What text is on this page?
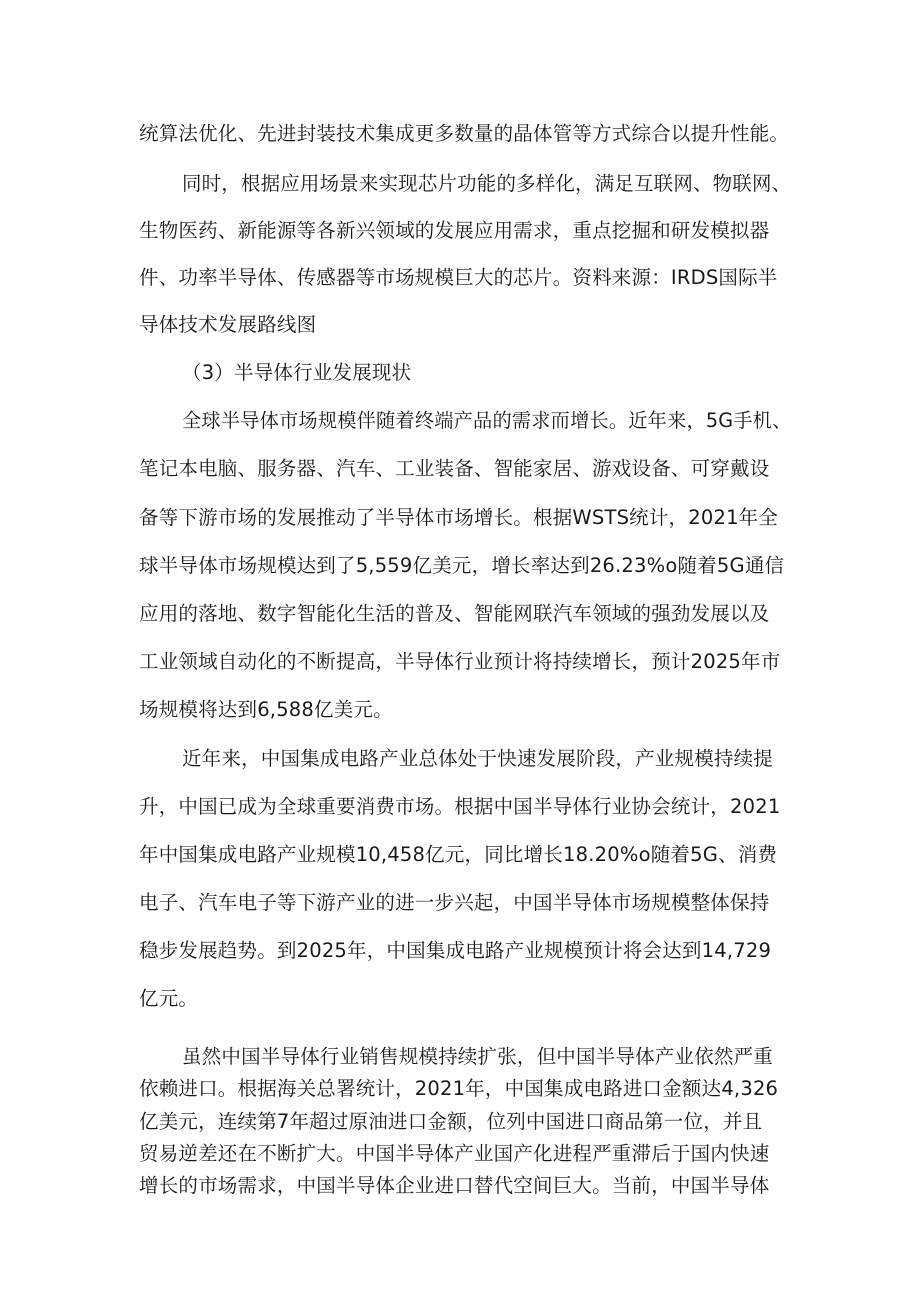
统算法优化、先进封装技术集成更多数量的晶体管等方式综合以提升性能。

同时，根据应用场景来实现芯片功能的多样化，满足互联网、物联网、

生物医药、新能源等各新兴领域的发展应用需求，重点挖掘和研发模拟器

件、功率半导体、传感器等市场规模巨大的芯片。资料来源：IRDS国际半

导体技术发展路线图

（3）半导体行业发展现状

全球半导体市场规模伴随着终端产品的需求而增长。近年来，5G手机、

笔记本电脑、服务器、汽车、工业装备、智能家居、游戏设备、可穿戴设

备等下游市场的发展推动了半导体市场增长。根据WSTS统计，2021年全

球半导体市场规模达到了5,559亿美元，增长率达到26.23%o随着5G通信

应用的落地、数字智能化生活的普及、智能网联汽车领域的强劲发展以及

工业领域自动化的不断提高，半导体行业预计将持续增长，预计2025年市

场规模将达到6,588亿美元。

近年来，中国集成电路产业总体处于快速发展阶段，产业规模持续提

升，中国已成为全球重要消费市场。根据中国半导体行业协会统计，2021

年中国集成电路产业规模10,458亿元，同比增长18.20%o随着5G、消费

电子、汽车电子等下游产业的进一步兴起，中国半导体市场规模整体保持

稳步发展趋势。到2025年，中国集成电路产业规模预计将会达到14,729

亿元。

虽然中国半导体行业销售规模持续扩张，但中国半导体产业依然严重

依赖进口。根据海关总署统计，2021年，中国集成电路进口金额达4,326

亿美元，连续第7年超过原油进口金额，位列中国进口商品第一位，并且

贸易逆差还在不断扩大。中国半导体产业国产化进程严重滞后于国内快速

增长的市场需求，中国半导体企业进口替代空间巨大。当前，中国半导体
